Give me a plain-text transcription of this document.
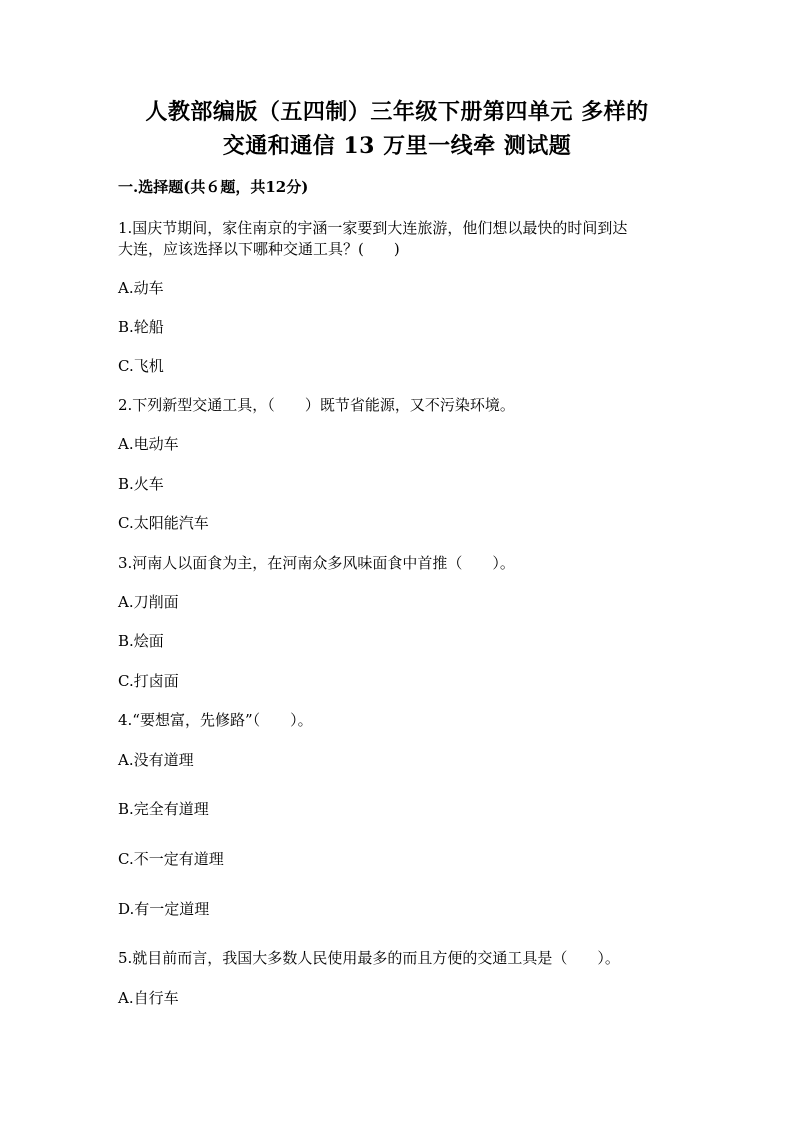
人教部编版（五四制）三年级下册第四单元 多样的
交通和通信 13 万里一线牵 测试题
一.选择题(共６题，共12分)
1.国庆节期间，家住南京的宇涵一家要到大连旅游，他们想以最快的时间到达
大连，应该选择以下哪种交通工具？(　　)
A.动车
B.轮船
C.飞机
2.下列新型交通工具，（　　）既节省能源，又不污染环境。
A.电动车
B.火车
C.太阳能汽车
3.河南人以面食为主，在河南众多风味面食中首推（　　）。
A.刀削面
B.烩面
C.打卤面
4.“要想富，先修路”（　　）。
A.没有道理
B.完全有道理
C.不一定有道理
D.有一定道理
5.就目前而言，我国大多数人民使用最多的而且方便的交通工具是（　　）。
A.自行车
